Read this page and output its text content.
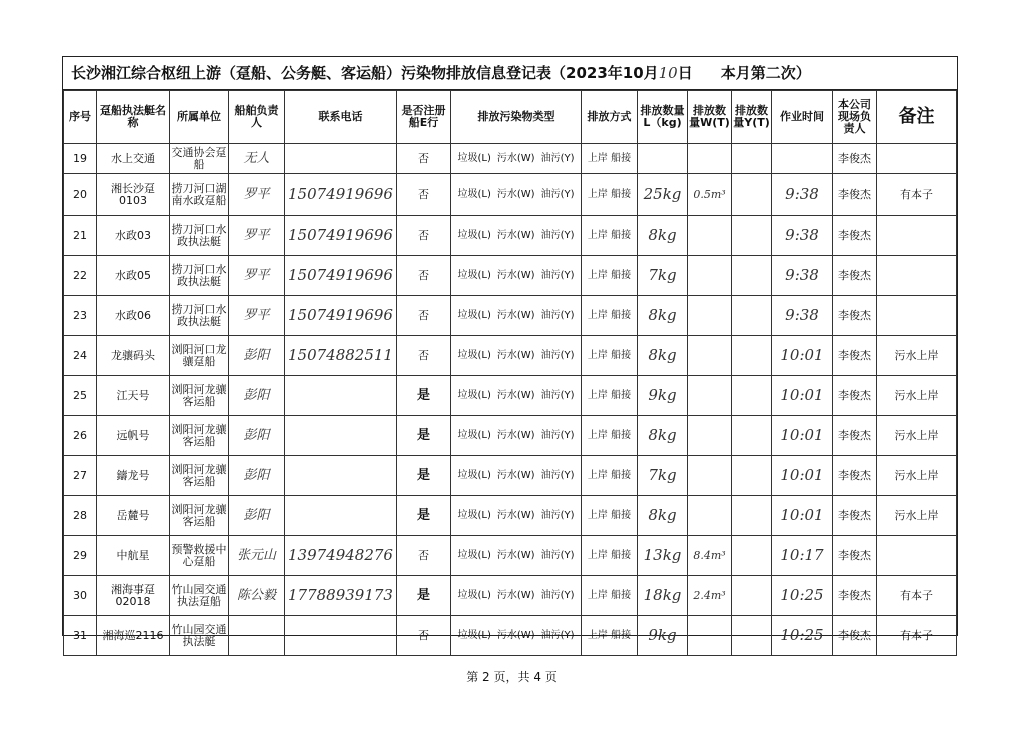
长沙湘江综合枢纽上游（趸船、公务艇、客运船）污染物排放信息登记表（2023年10月10日 本月第二次）
序号	趸船执法艇名称	所属单位	船舶负责人	联系电话	是否注册船E行	排放污染物类型	排放方式	排放数量L（kg)	排放数量W(T)	排放数量Y(T)	作业时间	本公司现场负责人	备注
19	水上交通	交通协会趸船	无人		否	垃圾(L) 污水(W) 油污(Y)	上岸 船接					李俊杰	
20	湘长沙趸0103	捞刀河口湖南水政趸船	罗平	15074919696	否	垃圾(L) 污水(W) 油污(Y)	上岸 船接	25kg	0.5m³		9:38	李俊杰	有本子
21	水政03	捞刀河口水政执法艇	罗平	15074919696	否	垃圾(L) 污水(W) 油污(Y)	上岸 船接	8kg			9:38	李俊杰	
22	水政05	捞刀河口水政执法艇	罗平	15074919696	否	垃圾(L) 污水(W) 油污(Y)	上岸 船接	7kg			9:38	李俊杰	
23	水政06	捞刀河口水政执法艇	罗平	15074919696	否	垃圾(L) 污水(W) 油污(Y)	上岸 船接	8kg			9:38	李俊杰	
24	龙骧码头	浏阳河口龙骧趸船	彭阳	15074882511	否	垃圾(L) 污水(W) 油污(Y)	上岸 船接	8kg			10:01	李俊杰	污水上岸
25	江天号	浏阳河龙骧客运船	彭阳		是	垃圾(L) 污水(W) 油污(Y)	上岸 船接	9kg			10:01	李俊杰	污水上岸
26	远帆号	浏阳河龙骧客运船	彭阳		是	垃圾(L) 污水(W) 油污(Y)	上岸 船接	8kg			10:01	李俊杰	污水上岸
27	鑄龙号	浏阳河龙骧客运船	彭阳		是	垃圾(L) 污水(W) 油污(Y)	上岸 船接	7kg			10:01	李俊杰	污水上岸
28	岳麓号	浏阳河龙骧客运船	彭阳		是	垃圾(L) 污水(W) 油污(Y)	上岸 船接	8kg			10:01	李俊杰	污水上岸
29	中航星	预警救援中心趸船	张元山	13974948276	否	垃圾(L) 污水(W) 油污(Y)	上岸 船接	13kg	8.4m³		10:17	李俊杰	
30	湘海事趸02018	竹山园交通执法趸船	陈公毅	17788939173	是	垃圾(L) 污水(W) 油污(Y)	上岸 船接	18kg	2.4m³		10:25	李俊杰	有本子
31	湘海巡2116	竹山园交通执法艇			否	垃圾(L) 污水(W) 油污(Y)	上岸 船接	9kg			10:25	李俊杰	有本子
第 2 页，共 4 页
